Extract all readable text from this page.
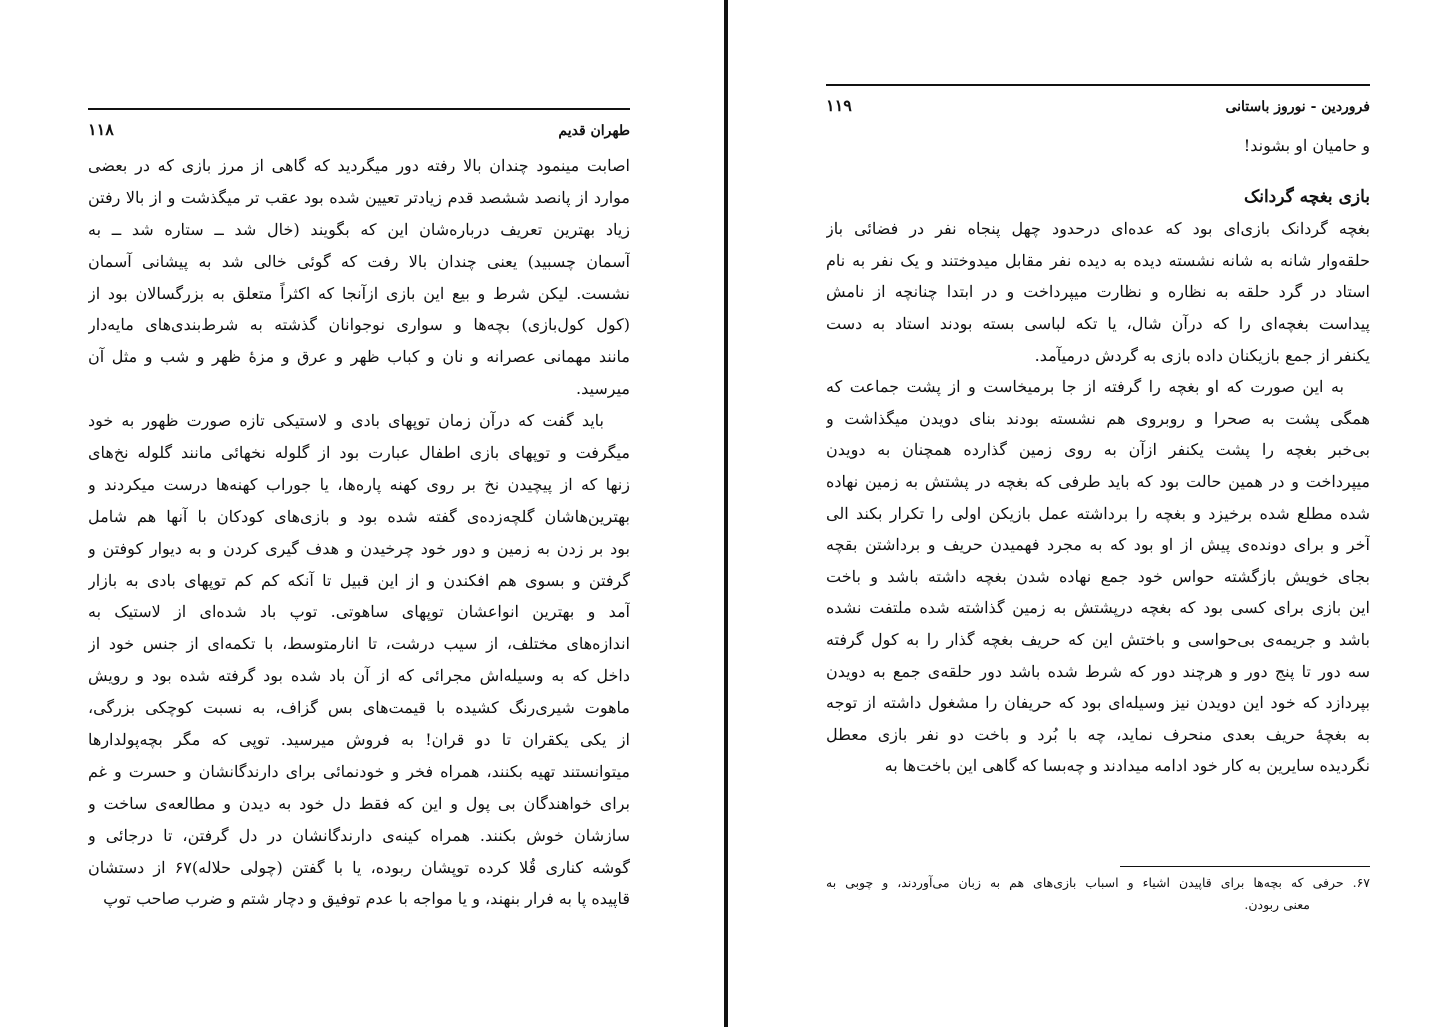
طهران قدیم
۱۱۸
اصابت مینمود چندان بالا رفته دور میگردید که گاهی از مرز بازی که در بعضی
موارد از پانصد ششصد قدم زیادتر تعیین شده بود عقب تر میگذشت و از بالا رفتن
زیاد بهترین تعریف درباره‌شان این که بگویند (خال شد ــ ستاره شد ــ به
آسمان چسبید) یعنی چندان بالا رفت که گوئی خالی شد به پیشانی آسمان
نشست. لیکن شرط و بیع این بازی ازآنجا که اکثراً متعلق به بزرگسالان بود از
(کول کول‌بازی) بچه‌ها و سواری نوجوانان گذشته به شرط‌بندی‌های مایه‌دار
مانند مهمانی عصرانه و نان و کباب ظهر و عرق و مزهٔ ظهر و شب و مثل آن
میرسید.
باید گفت که درآن زمان توپهای بادی و لاستیکی تازه صورت ظهور به خود
میگرفت و توپهای بازی اطفال عبارت بود از گلوله نخهائی مانند گلوله نخ‌های
زنها که از پیچیدن نخ بر روی کهنه پاره‌ها، یا جوراب کهنه‌ها درست میکردند و
بهترین‌هاشان گلچه‌زده‌ی گفته شده بود و بازی‌های کودکان با آنها هم شامل
بود بر زدن به زمین و دور خود چرخیدن و هدف گیری کردن و به دیوار کوفتن و
گرفتن و بسوی هم افکندن و از این قبیل تا آنکه کم کم توپهای بادی به بازار
آمد و بهترین انواعشان توپهای ساهوتی. توپ باد شده‌ای از لاستیک به
اندازه‌های مختلف، از سیب درشت، تا انارمتوسط، با تکمه‌ای از جنس خود از
داخل که به وسیله‌اش مجرائی که از آن باد شده بود گرفته شده بود و رویش
ماهوت شیری‌رنگ کشیده با قیمت‌های بس گزاف، به نسبت کوچکی بزرگی،
از یکی یکقران تا دو قران! به فروش میرسید. توپی که مگر بچه‌پولدارها
میتوانستند تهیه بکنند، همراه فخر و خودنمائی برای دارندگانشان و حسرت و غم
برای خواهندگان بی پول و این که فقط دل خود به دیدن و مطالعه‌ی ساخت و
سازشان خوش بکنند. همراه کینه‌ی دارندگانشان در دل گرفتن، تا درجائی و
گوشه کناری قُلا کرده توپشان ربوده، یا با گفتن (چولی حلاله)۶۷ از دستشان
قاپیده پا به فرار بنهند، و یا مواجه با عدم توفیق و دچار شتم و ضرب صاحب توپ
فروردین - نوروز باستانی
۱۱۹
و حامیان او بشوند!
بازی بغچه گردانک
بغچه گردانک بازی‌ای بود که عده‌ای درحدود چهل پنجاه نفر در فضائی باز
حلقه‌وار شانه به شانه نشسته دیده به دیده نفر مقابل میدوختند و یک نفر به نام
استاد در گرد حلقه به نظاره و نظارت میپرداخت و در ابتدا چنانچه از نامش
پیداست بغچه‌ای را که درآن شال، یا تکه لباسی بسته بودند استاد به دست
یکنفر از جمع بازیکنان داده بازی به گردش درمیآمد.
به این صورت که او بغچه را گرفته از جا برمیخاست و از پشت جماعت که
همگی پشت به صحرا و روبروی هم نشسته بودند بنای دویدن میگذاشت و
بی‌خبر بغچه را پشت یکنفر ازآن به روی زمین گذارده همچنان به دویدن
میپرداخت و در همین حالت بود که باید طرفی که بغچه در پشتش به زمین نهاده
شده مطلع شده برخیزد و بغچه را برداشته عمل بازیکن اولی را تکرار بکند الی
آخر و برای دونده‌ی پیش از او بود که به مجرد فهمیدن حریف و برداشتن بقچه
بجای خویش بازگشته حواس خود جمع نهاده شدن بغچه داشته باشد و باخت
این بازی برای کسی بود که بغچه درپشتش به زمین گذاشته شده ملتفت نشده
باشد و جریمه‌ی بی‌حواسی و باختش این که حریف بغچه گذار را به کول گرفته
سه دور تا پنج دور و هرچند دور که شرط شده باشد دور حلقه‌ی جمع به دویدن
بپردازد که خود این دویدن نیز وسیله‌ای بود که حریفان را مشغول داشته از توجه
به بغچهٔ حریف بعدی منحرف نماید، چه با بُرد و باخت دو نفر بازی معطل
نگردیده سایرین به کار خود ادامه میدادند و چه‌بسا که گاهی این باخت‌ها به
۶۷. حرفی که بچه‌ها برای قاپیدن اشیاء و اسباب بازی‌های هم به زبان می‌آوردند، و چوبی به
معنی ربودن.
